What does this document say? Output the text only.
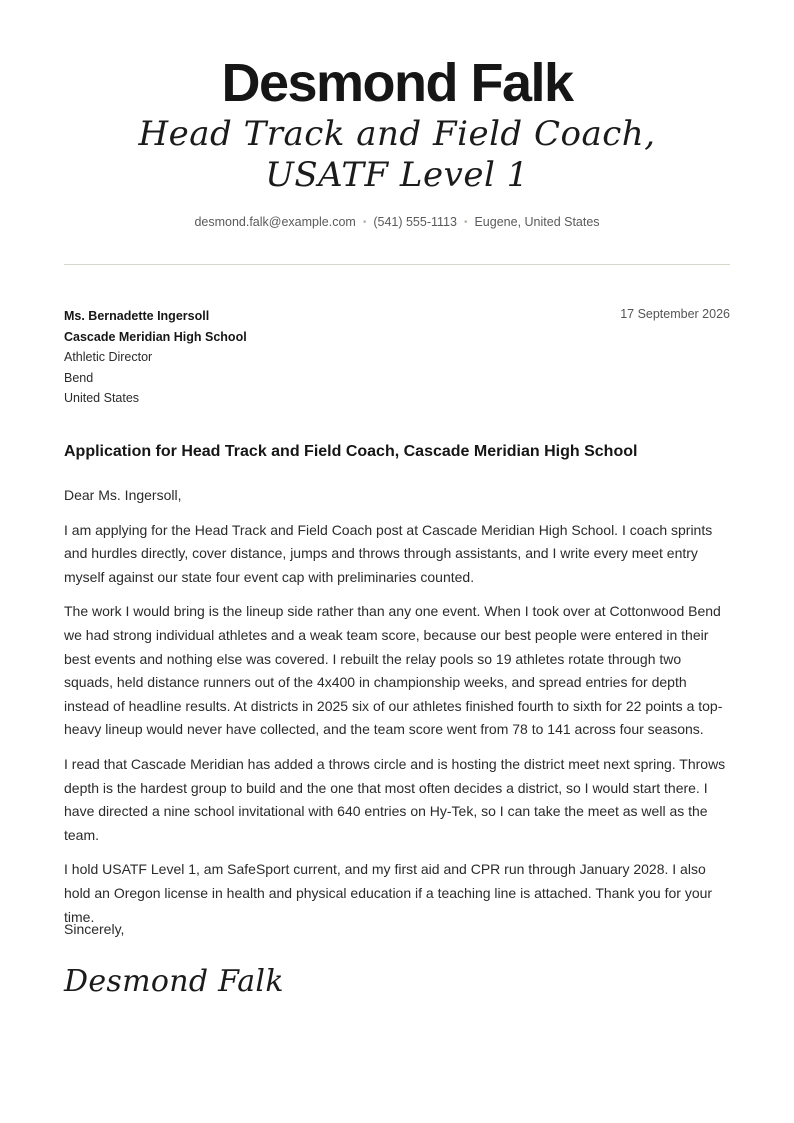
Desmond Falk
Head Track and Field Coach, USATF Level 1
desmond.falk@example.com • (541) 555-1113 • Eugene, United States
Ms. Bernadette Ingersoll
Cascade Meridian High School
Athletic Director
Bend
United States
17 September 2026
Application for Head Track and Field Coach, Cascade Meridian High School

Dear Ms. Ingersoll,

I am applying for the Head Track and Field Coach post at Cascade Meridian High School. I coach sprints and hurdles directly, cover distance, jumps and throws through assistants, and I write every meet entry myself against our state four event cap with preliminaries counted.

The work I would bring is the lineup side rather than any one event. When I took over at Cottonwood Bend we had strong individual athletes and a weak team score, because our best people were entered in their best events and nothing else was covered. I rebuilt the relay pools so 19 athletes rotate through two squads, held distance runners out of the 4x400 in championship weeks, and spread entries for depth instead of headline results. At districts in 2025 six of our athletes finished fourth to sixth for 22 points a top-heavy lineup would never have collected, and the team score went from 78 to 141 across four seasons.

I read that Cascade Meridian has added a throws circle and is hosting the district meet next spring. Throws depth is the hardest group to build and the one that most often decides a district, so I would start there. I have directed a nine school invitational with 640 entries on Hy-Tek, so I can take the meet as well as the team.

I hold USATF Level 1, am SafeSport current, and my first aid and CPR run through January 2028. I also hold an Oregon license in health and physical education if a teaching line is attached. Thank you for your time.

Sincerely,
Desmond Falk
